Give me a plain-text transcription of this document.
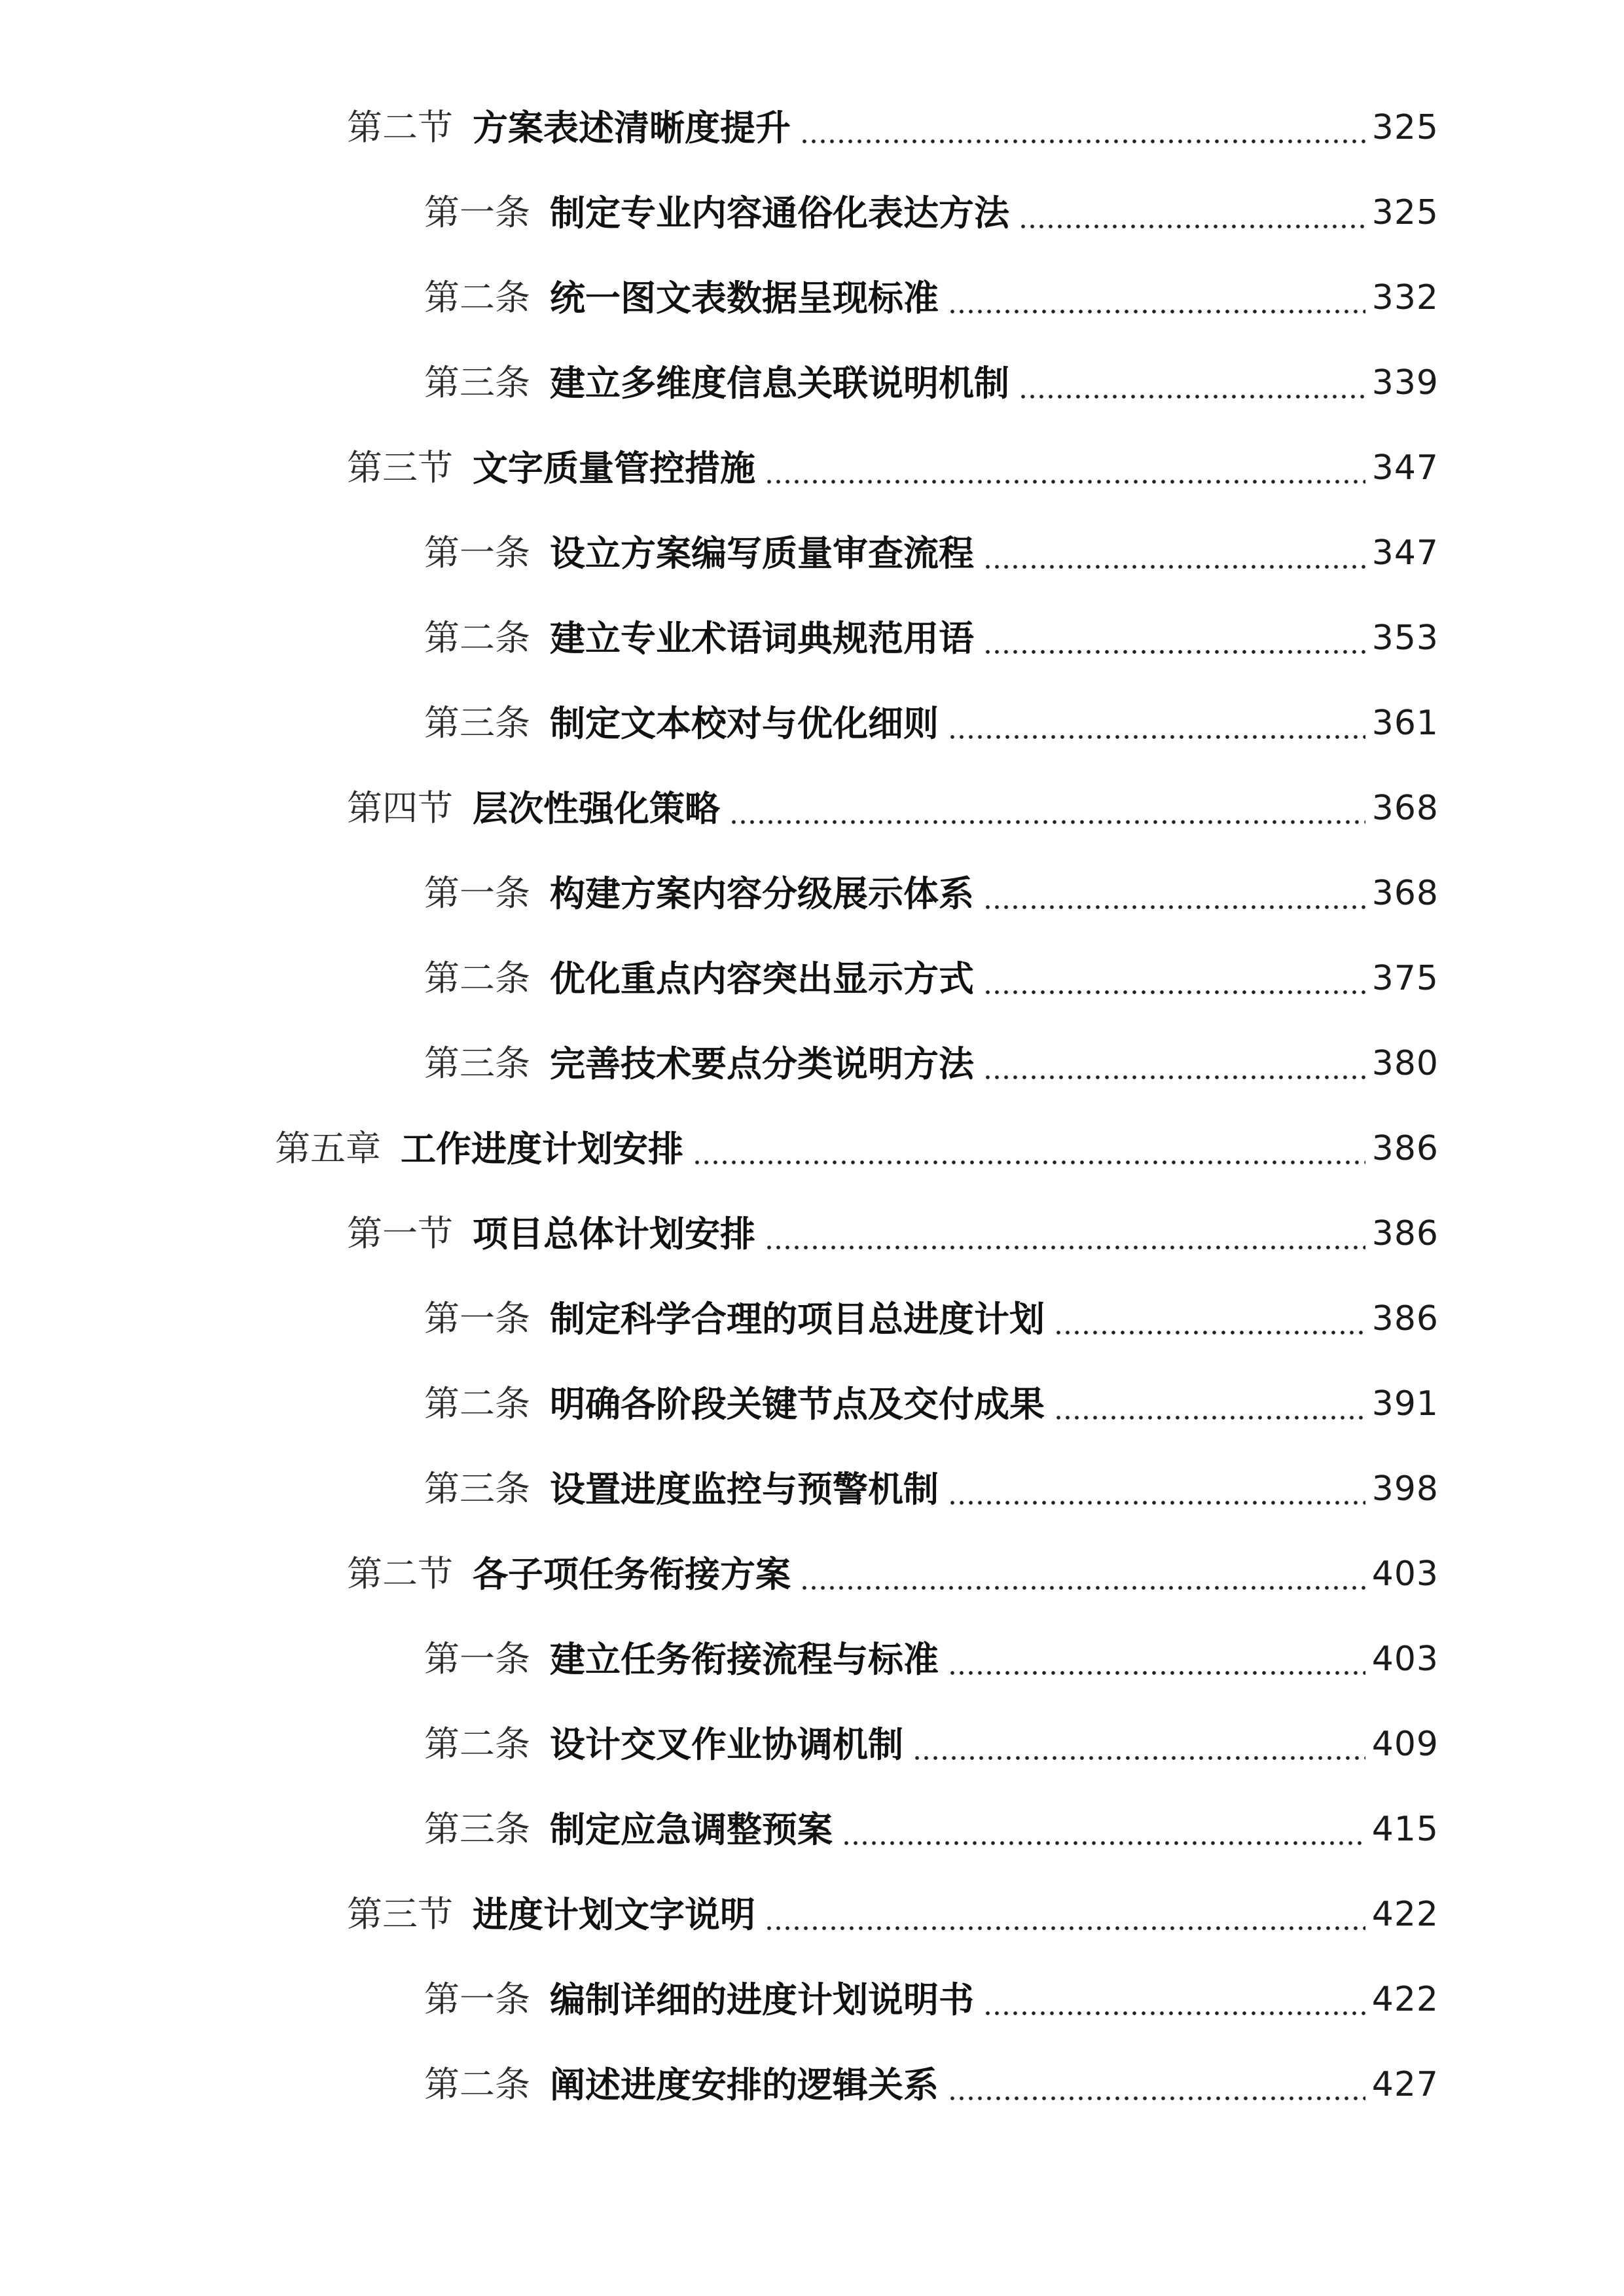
第二节 方案表述清晰度提升	325
第一条 制定专业内容通俗化表达方法	325
第二条 统一图文表数据呈现标准	332
第三条 建立多维度信息关联说明机制	339
第三节 文字质量管控措施	347
第一条 设立方案编写质量审查流程	347
第二条 建立专业术语词典规范用语	353
第三条 制定文本校对与优化细则	361
第四节 层次性强化策略	368
第一条 构建方案内容分级展示体系	368
第二条 优化重点内容突出显示方式	375
第三条 完善技术要点分类说明方法	380
第五章 工作进度计划安排	386
第一节 项目总体计划安排	386
第一条 制定科学合理的项目总进度计划	386
第二条 明确各阶段关键节点及交付成果	391
第三条 设置进度监控与预警机制	398
第二节 各子项任务衔接方案	403
第一条 建立任务衔接流程与标准	403
第二条 设计交叉作业协调机制	409
第三条 制定应急调整预案	415
第三节 进度计划文字说明	422
第一条 编制详细的进度计划说明书	422
第二条 阐述进度安排的逻辑关系	427
